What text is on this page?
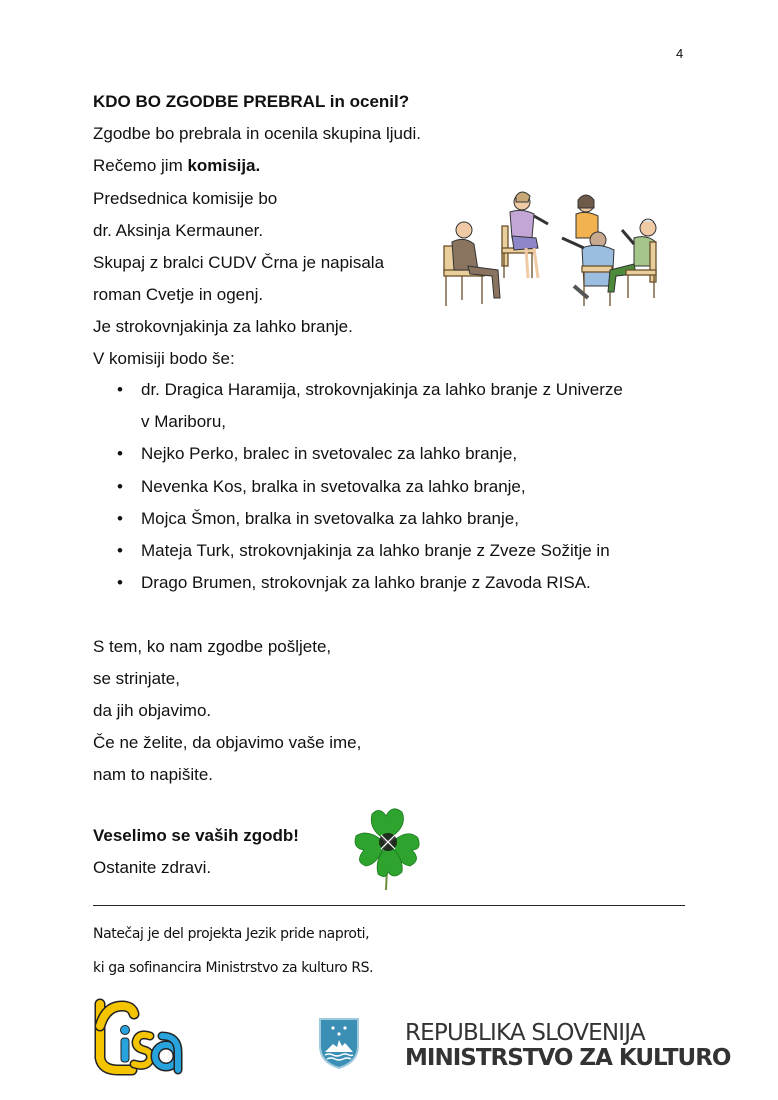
4
KDO BO ZGODBE PREBRAL in ocenil?
Zgodbe bo prebrala in ocenila skupina ljudi.
Rečemo jim komisija.
Predsednica komisije bo
dr. Aksinja Kermauner.
Skupaj z bralci CUDV Črna je napisala
roman Cvetje in ogenj.
Je strokovnjakinja za lahko branje.
V komisiji bodo še:
• dr. Dragica Haramija, strokovnjakinja za lahko branje z Univerze
v Mariboru,
• Nejko Perko, bralec in svetovalec za lahko branje,
• Nevenka Kos, bralka in svetovalka za lahko branje,
• Mojca Šmon, bralka in svetovalka za lahko branje,
• Mateja Turk, strokovnjakinja za lahko branje z Zveze Sožitje in
• Drago Brumen, strokovnjak za lahko branje z Zavoda RISA.
S tem, ko nam zgodbe pošljete,
se strinjate,
da jih objavimo.
Če ne želite, da objavimo vaše ime,
nam to napišite.
Veselimo se vaših zgodb!
Ostanite zdravi.
Natečaj je del projekta Jezik pride naproti,
ki ga sofinancira Ministrstvo za kulturo RS.
REPUBLIKA SLOVENIJA
MINISTRSTVO ZA KULTURO
